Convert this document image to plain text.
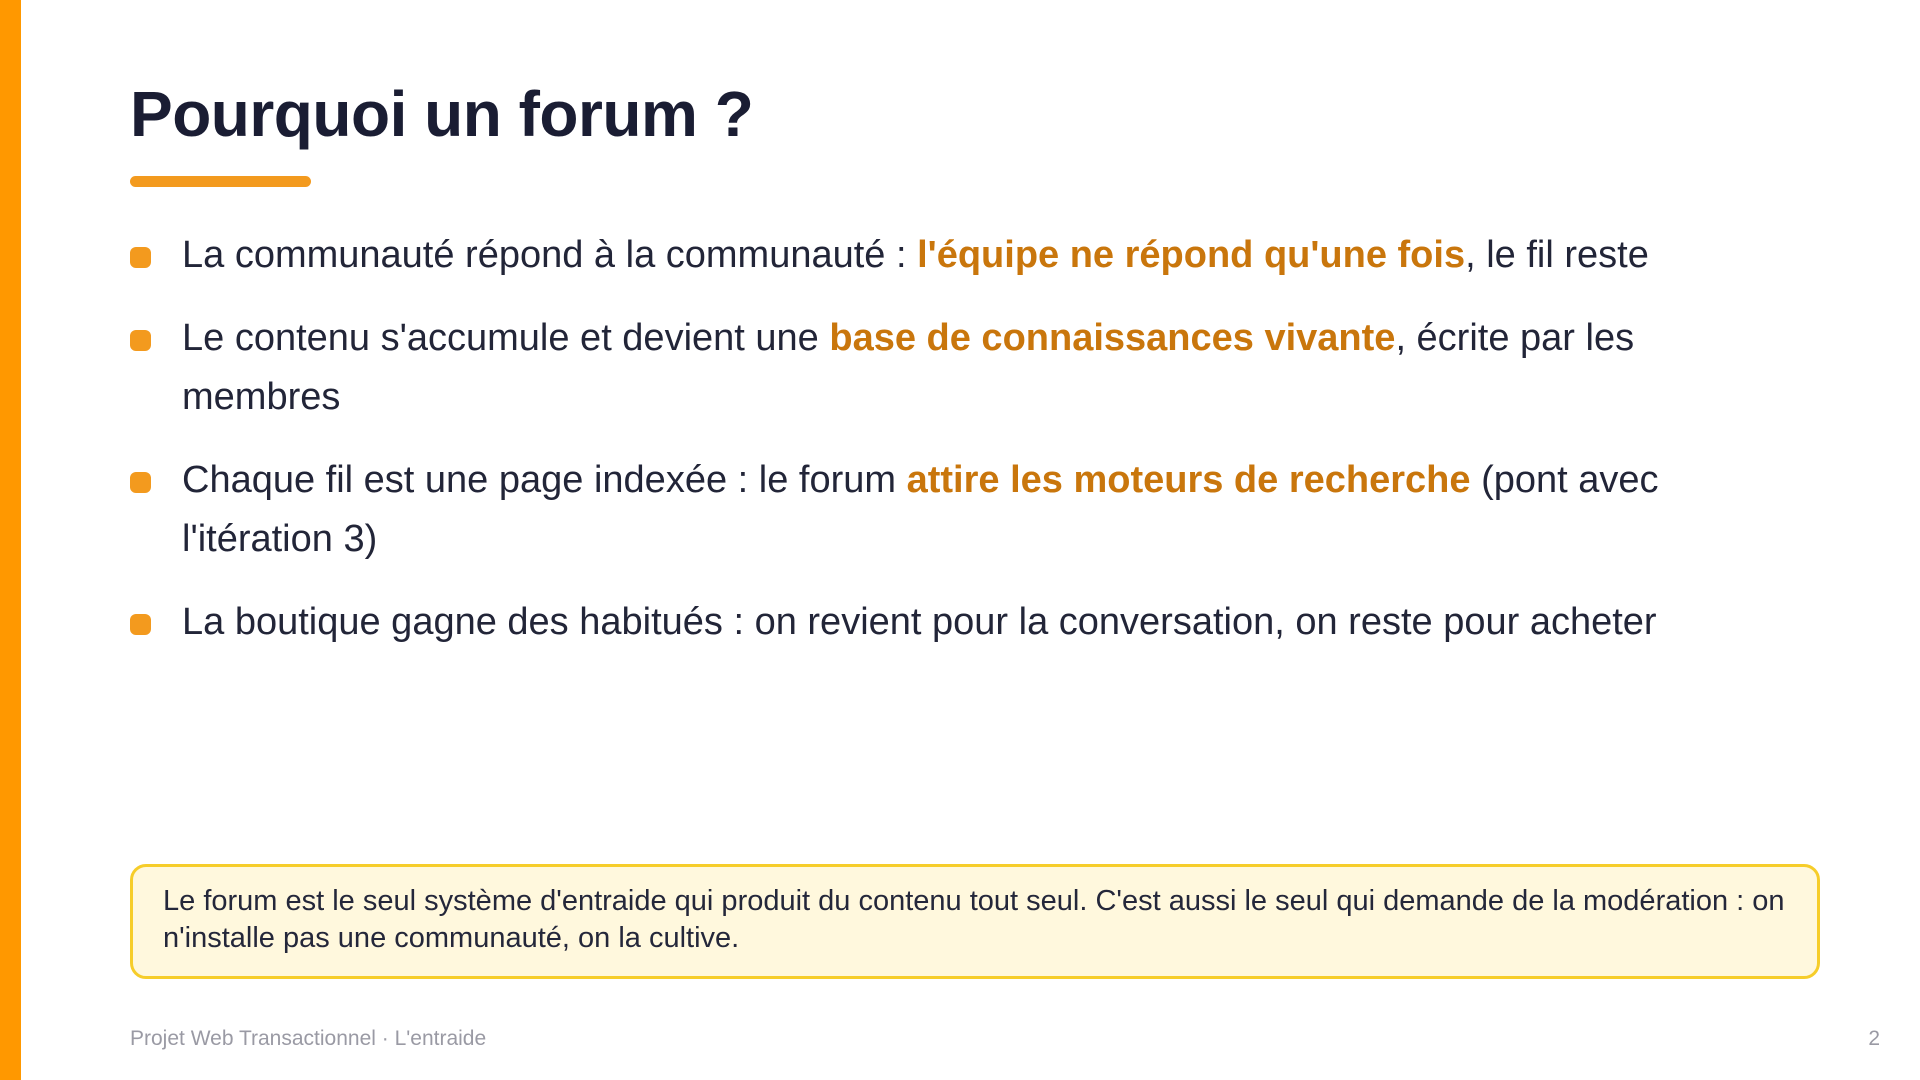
Pourquoi un forum ?
La communauté répond à la communauté : l'équipe ne répond qu'une fois, le fil reste
Le contenu s'accumule et devient une base de connaissances vivante, écrite par les membres
Chaque fil est une page indexée : le forum attire les moteurs de recherche (pont avec l'itération 3)
La boutique gagne des habitués : on revient pour la conversation, on reste pour acheter
Le forum est le seul système d'entraide qui produit du contenu tout seul. C'est aussi le seul qui demande de la modération : on n'installe pas une communauté, on la cultive.
Projet Web Transactionnel · L'entraide	2
